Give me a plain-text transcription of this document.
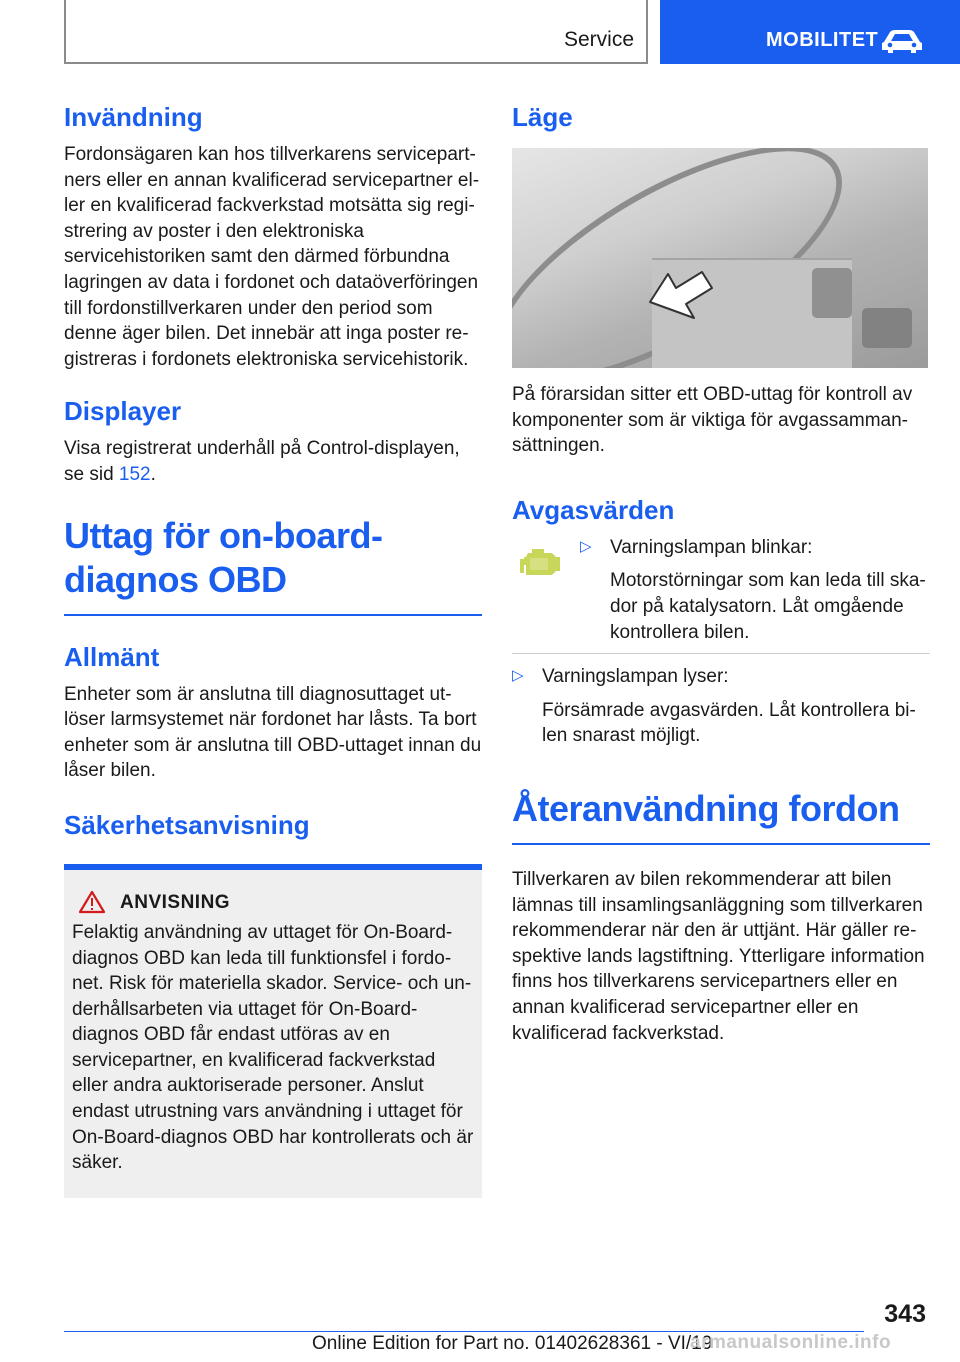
Service	MOBILITET
Invändning

Fordonsägaren kan hos tillverkarens servicepartners eller en annan kvalificerad servicepartner eller en kvalificerad fackverkstad motsätta sig registrering av poster i den elektroniska servicehistoriken samt den därmed förbundna lagringen av data i fordonet och dataöverföringen till fordonstillverkaren under den period som denne äger bilen. Det innebär att inga poster registreras i fordonets elektroniska servicehistorik.

Displayer

Visa registrerat underhåll på Control-displayen, se sid 152.

Uttag för on-board-diagnos OBD
Allmänt

Enheter som är anslutna till diagnosuttaget utlöser larmsystemet när fordonet har låsts. Ta bort enheter som är anslutna till OBD-uttaget innan du låser bilen.

Säkerhetsanvisning
ANVISNING

Felaktig användning av uttaget för On-Board-diagnos OBD kan leda till funktionsfel i fordonet. Risk för materiella skador. Service- och underhållsarbeten via uttaget för On-Board-diagnos OBD får endast utföras av en servicepartner, en kvalificerad fackverkstad eller andra auktoriserade personer. Anslut endast utrustning vars användning i uttaget för On-Board-diagnos OBD har kontrollerats och är säker.

Läge

På förarsidan sitter ett OBD-uttag för kontroll av komponenter som är viktiga för avgassammansättningen.

Avgasvärden
▷ Varningslampan blinkar:

Motorstörningar som kan leda till skador på katalysatorn. Låt omgående kontrollera bilen.

▷ Varningslampan lyser:

Försämrade avgasvärden. Låt kontrollera bilen snarast möjligt.

Återanvändning fordon

Tillverkaren av bilen rekommenderar att bilen lämnas till insamlingsanläggning som tillverkaren rekommenderar när den är uttjänt. Här gäller respektive lands lagstiftning. Ytterligare information finns hos tillverkarens servicepartners eller en annan kvalificerad servicepartner eller en kvalificerad fackverkstad.

343
Online Edition for Part no. 01402628361 - VI/19
armanualsonline.info
